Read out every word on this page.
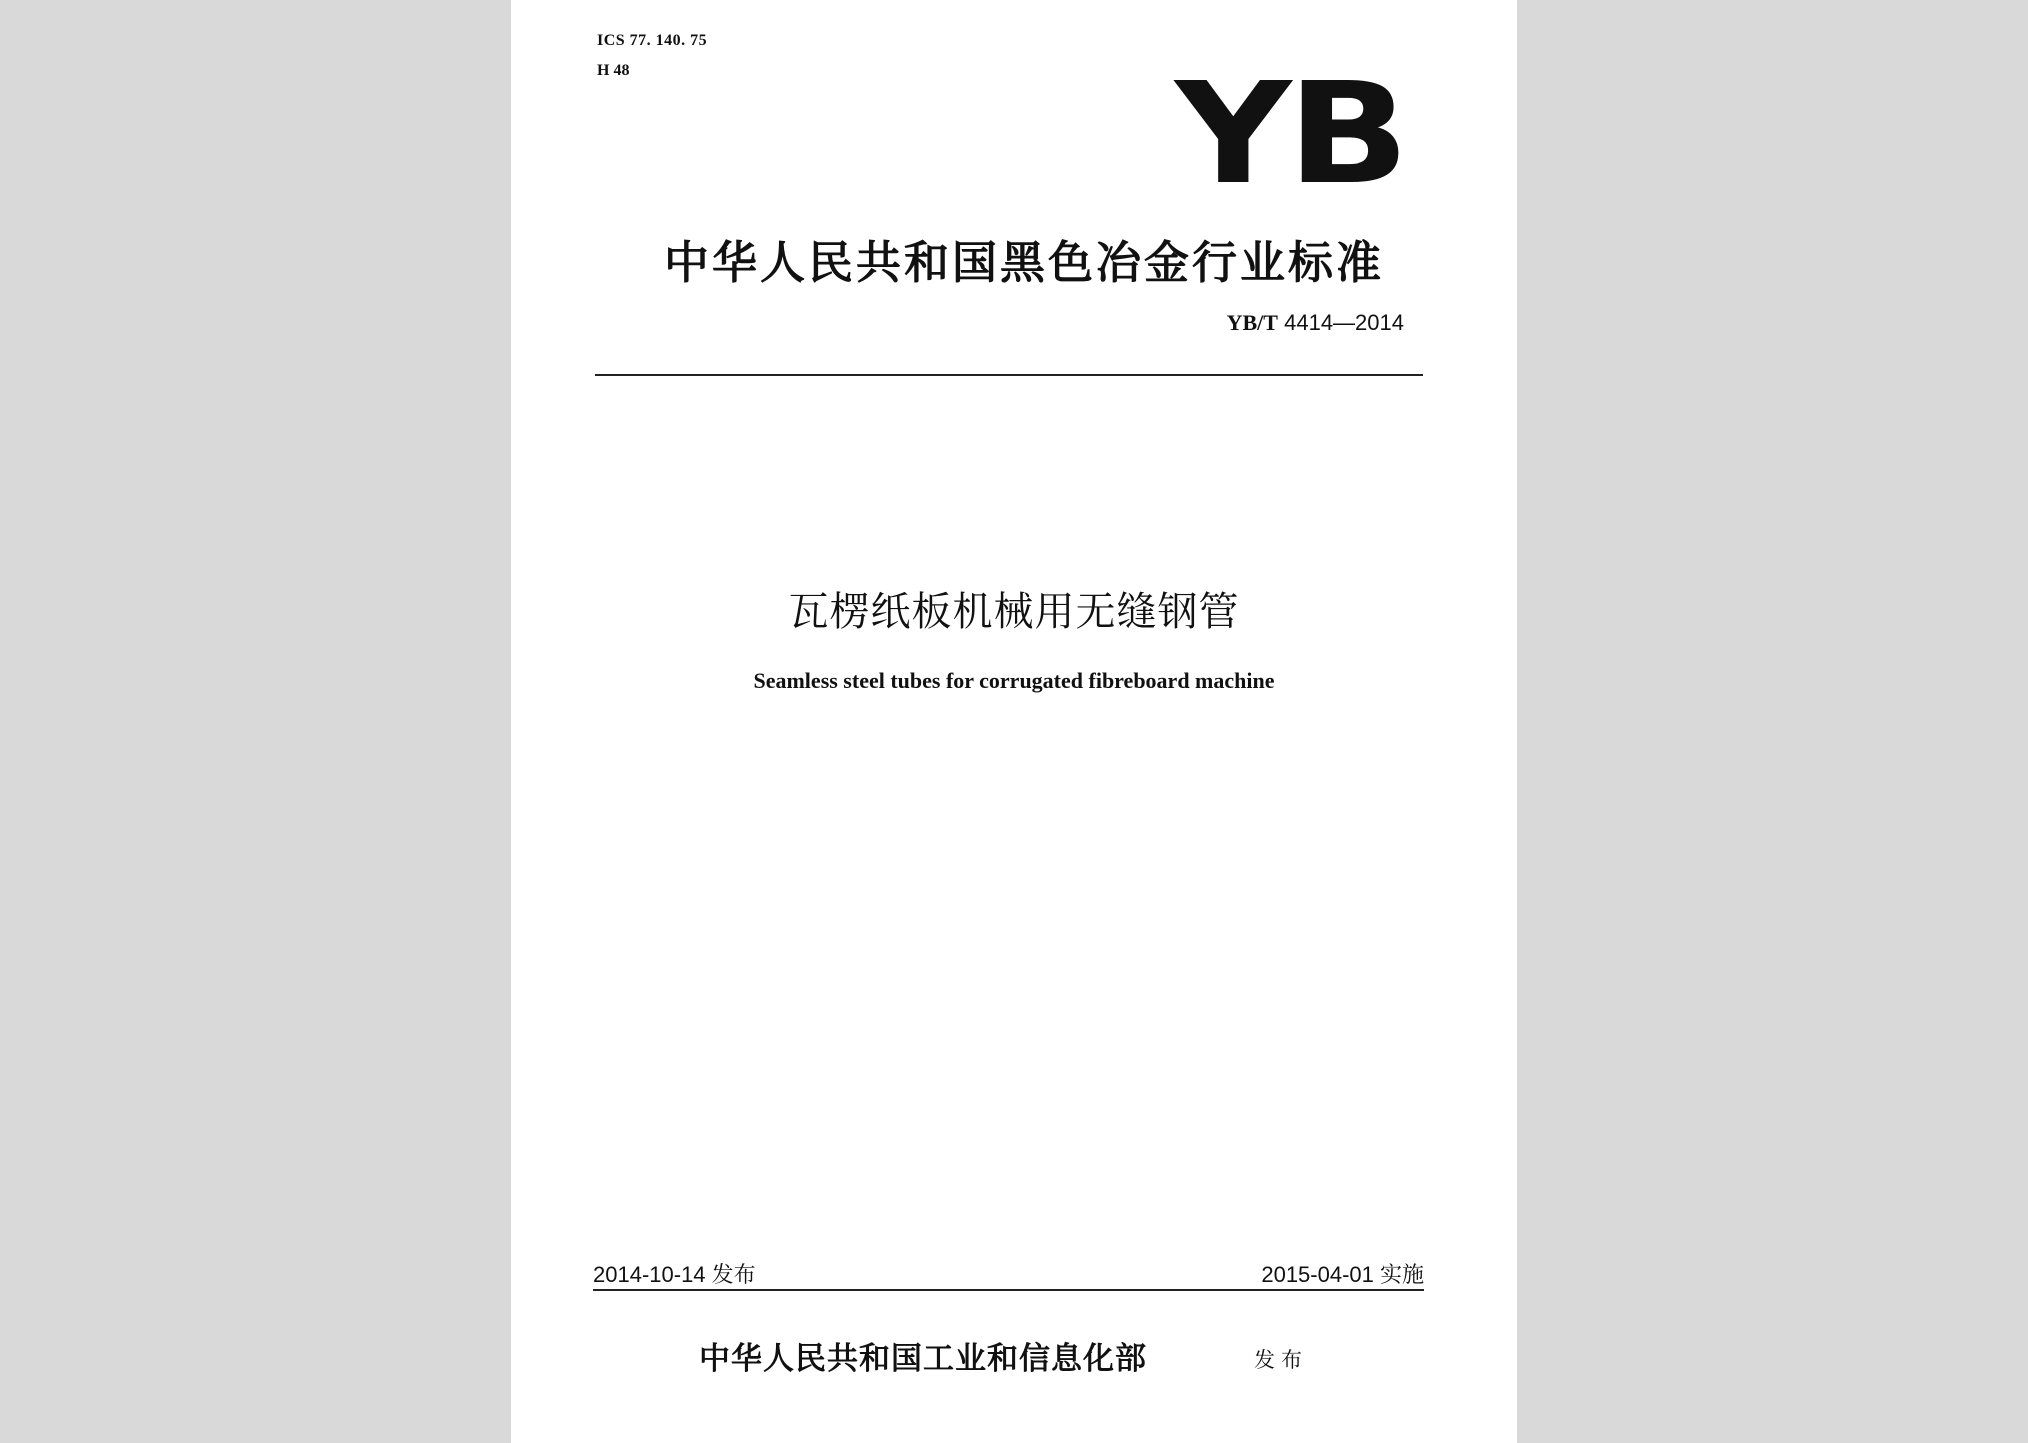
ICS 77. 140. 75

H 48	YB

中华人民共和国黑色冶金行业标准

YB/T 4414—2014

瓦楞纸板机械用无缝钢管

Seamless steel tubes for corrugated fibreboard machine

2014-10-14 发布	2015-04-01 实施

中华人民共和国工业和信息化部	发布
